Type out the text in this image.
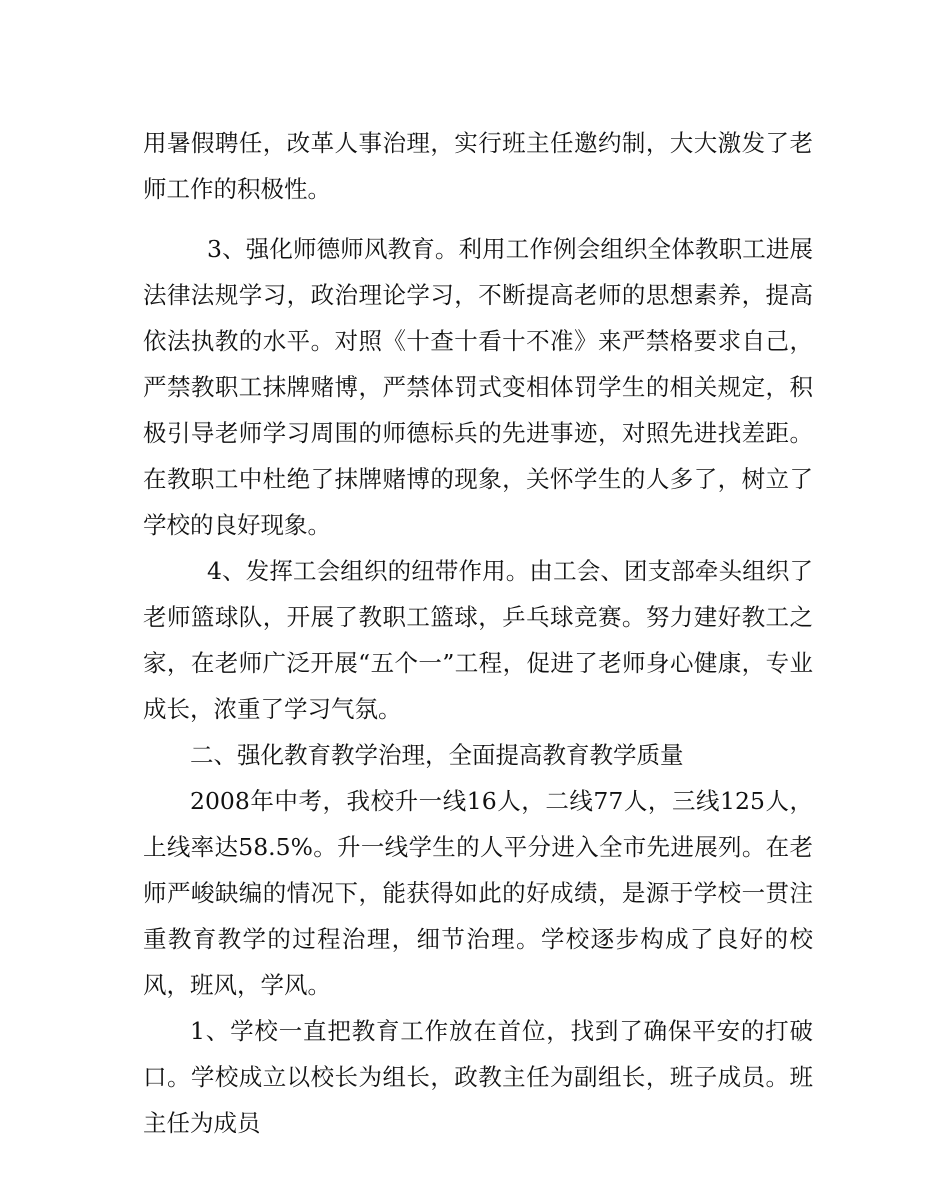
用暑假聘任，改革人事治理，实行班主任邀约制，大大激发了老师工作的积极性。

3、强化师德师风教育。利用工作例会组织全体教职工进展法律法规学习，政治理论学习，不断提高老师的思想素养，提高依法执教的水平。对照《十查十看十不准》来严禁格要求自己，严禁教职工抹牌赌博，严禁体罚式变相体罚学生的相关规定，积极引导老师学习周围的师德标兵的先进事迹，对照先进找差距。在教职工中杜绝了抹牌赌博的现象，关怀学生的人多了，树立了学校的良好现象。

4、发挥工会组织的纽带作用。由工会、团支部牵头组织了老师篮球队，开展了教职工篮球，乒乓球竞赛。努力建好教工之家，在老师广泛开展“五个一”工程，促进了老师身心健康，专业成长，浓重了学习气氛。

二、强化教育教学治理，全面提高教育教学质量

2008年中考，我校升一线16人，二线77人，三线125人，上线率达58.5%。升一线学生的人平分进入全市先进展列。在老师严峻缺编的情况下，能获得如此的好成绩，是源于学校一贯注重教育教学的过程治理，细节治理。学校逐步构成了良好的校风，班风，学风。

1、学校一直把教育工作放在首位，找到了确保平安的打破口。学校成立以校长为组长，政教主任为副组长，班子成员。班主任为成员
